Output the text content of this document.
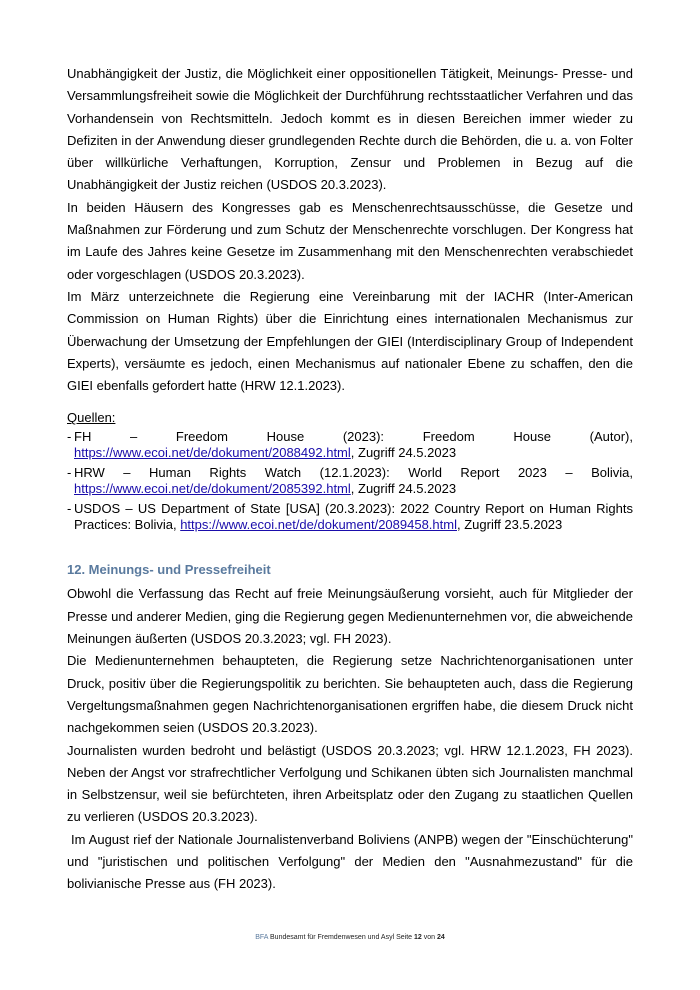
Unabhängigkeit der Justiz, die Möglichkeit einer oppositionellen Tätigkeit, Meinungs- Presse- und Versammlungsfreiheit sowie die Möglichkeit der Durchführung rechtsstaatlicher Verfahren und das Vorhandensein von Rechtsmitteln. Jedoch kommt es in diesen Bereichen immer wieder zu Defiziten in der Anwendung dieser grundlegenden Rechte durch die Behörden, die u. a. von Folter über willkürliche Verhaftungen, Korruption, Zensur und Problemen in Bezug auf die Unabhängigkeit der Justiz reichen (USDOS 20.3.2023).

In beiden Häusern des Kongresses gab es Menschenrechtsausschüsse, die Gesetze und Maßnahmen zur Förderung und zum Schutz der Menschenrechte vorschlugen. Der Kongress hat im Laufe des Jahres keine Gesetze im Zusammenhang mit den Menschenrechten verabschiedet oder vorgeschlagen (USDOS 20.3.2023).

Im März unterzeichnete die Regierung eine Vereinbarung mit der IACHR (Inter-American Commission on Human Rights) über die Einrichtung eines internationalen Mechanismus zur Überwachung der Umsetzung der Empfehlungen der GIEI (Interdisciplinary Group of Independent Experts), versäumte es jedoch, einen Mechanismus auf nationaler Ebene zu schaffen, den die GIEI ebenfalls gefordert hatte (HRW 12.1.2023).

Quellen:

- FH – Freedom House (2023): Freedom House (Autor), https://www.ecoi.net/de/dokument/2088492.html, Zugriff 24.5.2023
- HRW – Human Rights Watch (12.1.2023): World Report 2023 – Bolivia, https://www.ecoi.net/de/dokument/2085392.html, Zugriff 24.5.2023
- USDOS – US Department of State [USA] (20.3.2023): 2022 Country Report on Human Rights Practices: Bolivia, https://www.ecoi.net/de/dokument/2089458.html, Zugriff 23.5.2023
12. Meinungs- und Pressefreiheit

Obwohl die Verfassung das Recht auf freie Meinungsäußerung vorsieht, auch für Mitglieder der Presse und anderer Medien, ging die Regierung gegen Medienunternehmen vor, die abweichende Meinungen äußerten (USDOS 20.3.2023; vgl. FH 2023).

Die Medienunternehmen behaupteten, die Regierung setze Nachrichtenorganisationen unter Druck, positiv über die Regierungspolitik zu berichten. Sie behaupteten auch, dass die Regierung Vergeltungsmaßnahmen gegen Nachrichtenorganisationen ergriffen habe, die diesem Druck nicht nachgekommen seien (USDOS 20.3.2023).

Journalisten wurden bedroht und belästigt (USDOS 20.3.2023; vgl. HRW 12.1.2023, FH 2023). Neben der Angst vor strafrechtlicher Verfolgung und Schikanen übten sich Journalisten manchmal in Selbstzensur, weil sie befürchteten, ihren Arbeitsplatz oder den Zugang zu staatlichen Quellen zu verlieren (USDOS 20.3.2023).

Im August rief der Nationale Journalistenverband Boliviens (ANPB) wegen der "Einschüchterung" und "juristischen und politischen Verfolgung" der Medien den "Ausnahmezustand" für die bolivianische Presse aus (FH 2023).

BFA Bundesamt für Fremdenwesen und Asyl Seite 12 von 24
